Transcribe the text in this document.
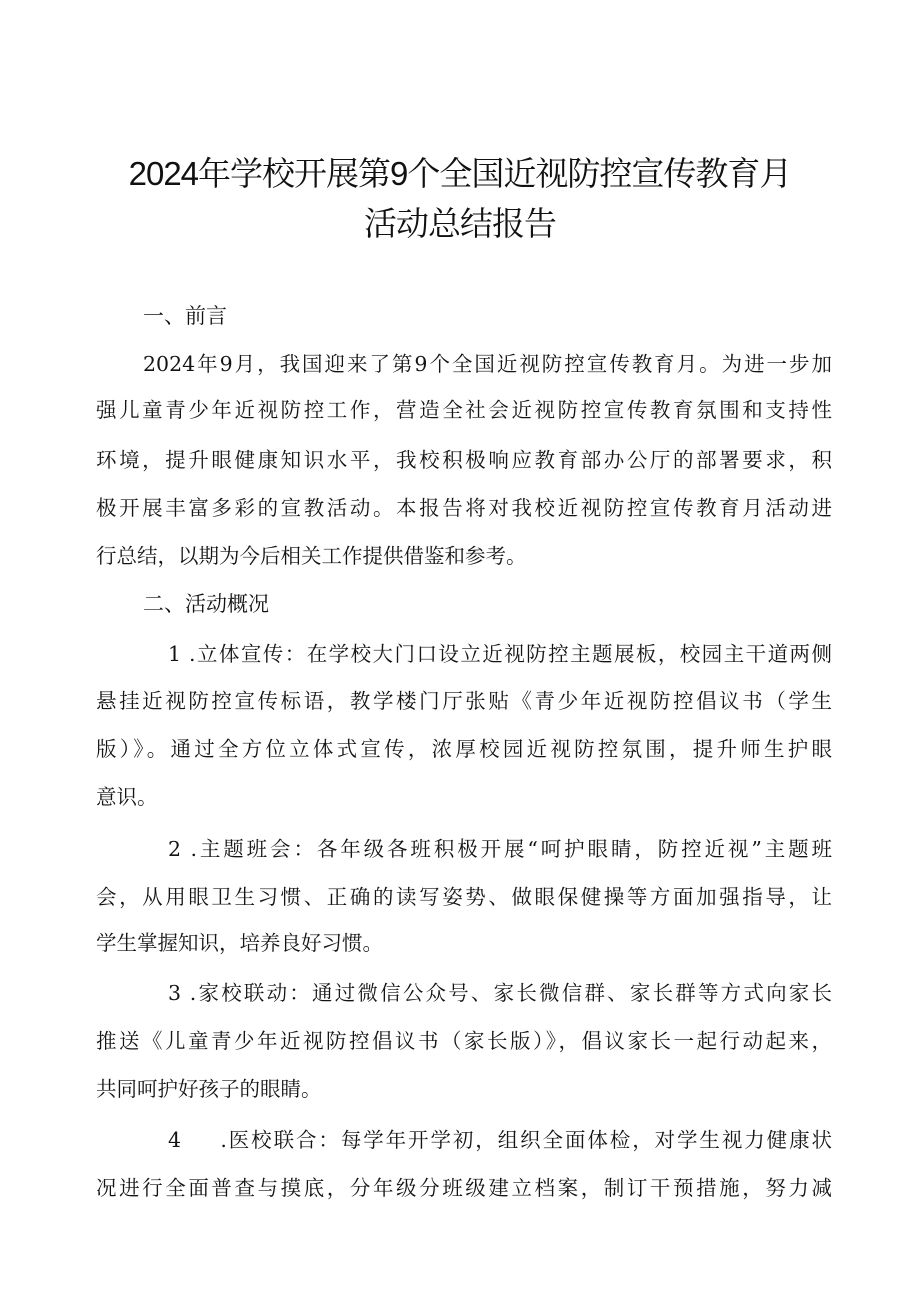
2024年学校开展第9个全国近视防控宣传教育月
活动总结报告
一、前言
2024年9月，我国迎来了第9个全国近视防控宣传教育月。为进一步加
强儿童青少年近视防控工作，营造全社会近视防控宣传教育氛围和支持性
环境，提升眼健康知识水平，我校积极响应教育部办公厅的部署要求，积
极开展丰富多彩的宣教活动。本报告将对我校近视防控宣传教育月活动进
行总结，以期为今后相关工作提供借鉴和参考。
二、活动概况
1 .立体宣传：在学校大门口设立近视防控主题展板，校园主干道两侧
悬挂近视防控宣传标语，教学楼门厅张贴《青少年近视防控倡议书（学生
版）》。通过全方位立体式宣传，浓厚校园近视防控氛围，提升师生护眼
意识。
2 .主题班会：各年级各班积极开展“呵护眼睛，防控近视”主题班
会，从用眼卫生习惯、正确的读写姿势、做眼保健操等方面加强指导，让
学生掌握知识，培养良好习惯。
3 .家校联动：通过微信公众号、家长微信群、家长群等方式向家长
推送《儿童青少年近视防控倡议书（家长版）》，倡议家长一起行动起来，
共同呵护好孩子的眼睛。
4 　 .医校联合：每学年开学初，组织全面体检，对学生视力健康状
况进行全面普查与摸底，分年级分班级建立档案，制订干预措施，努力减
